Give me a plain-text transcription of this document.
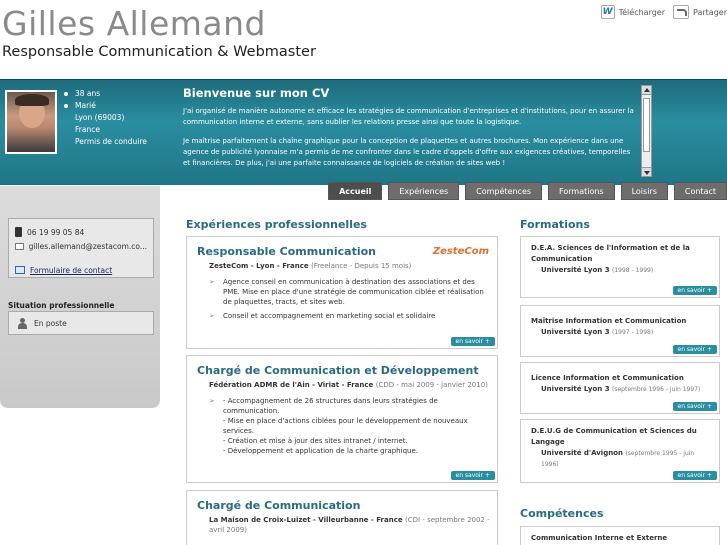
Gilles Allemand
Responsable Communication & Webmaster
W Télécharger	Partager
38 ans
Marié
Lyon (69003)
France
Permis de conduire
Bienvenue sur mon CV

J'ai organisé de manière autonome et efficace les stratégies de communication d'entreprises et d'institutions, pour en assurer la communication interne et externe, sans oublier les relations presse ainsi que toute la logistique.

Je maîtrise parfaitement la chaîne graphique pour la conception de plaquettes et autres brochures. Mon expérience dans une agence de publicité lyonnaise m'a permis de me confronter dans le cadre d'appels d'offre aux exigences créatives, temporelles et financières. De plus, j'ai une parfaite connaissance de logiciels de création de sites web !

Accueil	Expériences	Compétences	Formations	Loisirs	Contact
06 19 99 05 84
gilles.allemand@zestacom.co...
Formulaire de contact
Situation professionnelle
En poste
Expériences professionnelles
Responsable Communication	ZesteCom
ZesteCom - Lyon - France (Freelance - Depuis 15 mois)
➢ Agence conseil en communication à destination des associations et des PME. Mise en place d'une stratégie de communication ciblée et réalisation de plaquettes, tracts, et sites web.
➢ Conseil et accompagnement en marketing social et solidaire
en savoir +
Chargé de Communication et Développement
Fédération ADMR de l'Ain - Viriat - France (CDD - mai 2009 - janvier 2010)
➢ - Accompagnement de 26 structures dans leurs stratégies de communication.
- Mise en place d'actions ciblées pour le développement de nouveaux services.
- Création et mise à jour des sites intranet / internet.
- Développement et application de la charte graphique.
en savoir +
Chargé de Communication
La Maison de Croix-Luizet - Villeurbanne - France (CDI - septembre 2002 - avril 2009)
Formations
D.E.A. Sciences de l'Information et de la Communication
Université Lyon 3 (1998 - 1999)
en savoir +
Maîtrise Information et Communication
Université Lyon 3 (1997 - 1998)
en savoir +
Licence Information et Communication
Université Lyon 3 (septembre 1996 - juin 1997)
en savoir +
D.E.U.G de Communication et Sciences du Langage
Université d'Avignon (septembre 1995 - juin 1996)
en savoir +
Compétences
Communication Interne et Externe
